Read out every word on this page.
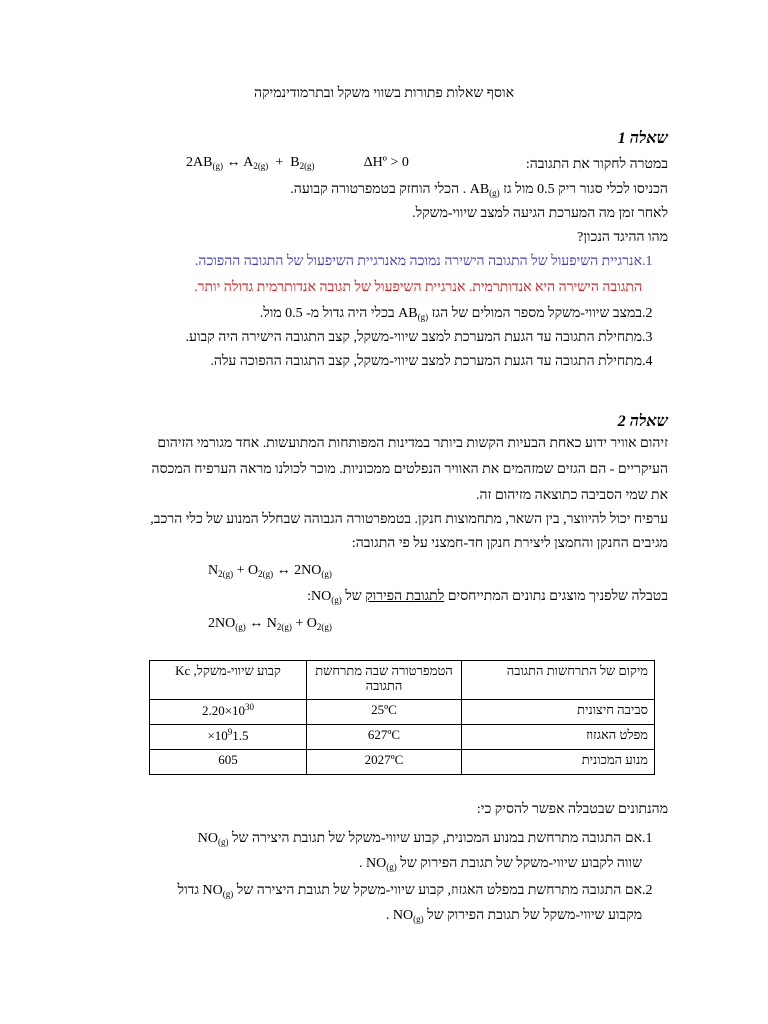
אוסף שאלות פתורות בשווי משקל ובתרמודינמיקה
שאלה 1
במטרה לחקור את התגובה:
$2AB_{(g)}$ ↔ $A_{2(g)} + B_{2(g)}$	ΔHº > 0
הכניסו לכלי סגור ריק 0.5 מול גז $AB_{(g)}$ . הכלי הוחזק בטמפרטורה קבועה.
לאחר זמן מה המערכת הגיעה למצב שיווי-משקל.
מהו ההיגד הנכון?
1.אנרגיית השיפעול של התגובה הישירה נמוכה מאנרגיית השיפעול של התגובה ההפוכה.
התגובה הישירה היא אנדותרמית. אנרגיית השיפעול של תגובה אנדותרמית גדולה יותר.
2.במצב שיווי-משקל מספר המולים של הגז $AB_{(g)}$ בכלי היה גדול מ- 0.5 מול.
3.מתחילת התגובה עד הגעת המערכת למצב שיווי-משקל, קצב התגובה הישירה היה קבוע.
4.מתחילת התגובה עד הגעת המערכת למצב שיווי-משקל, קצב התגובה ההפוכה עלה.
שאלה 2
זיהום אוויר ידוע כאחת הבעיות הקשות ביותר במדינות המפותחות המתועשות. אחד מגורמי הזיהום
העיקריים - הם הגזים שמזהמים את האוויר הנפלטים ממכוניות. מוכר לכולנו מראה הערפיח המכסה
את שמי הסביבה כתוצאה מזיהום זה.
ערפיח יכול להיווצר, בין השאר, מתחמוצות חנקן. בטמפרטורה הגבוהה שבחלל המנוע של כלי הרכב,
מגיבים החנקן והחמצן ליצירת חנקן חד-חמצני על פי התגובה:
$N_{2(g)} + O_{2(g)}$ ↔ $2NO_{(g)}$
בטבלה שלפניך מוצגים נתונים המתייחסים לתגובת הפירוק של $NO_{(g)}$:
$2NO_{(g)}$ ↔ $N_{2(g)} + O_{2(g)}$
מיקום של התרחשות התגובה	הטמפרטורה שבה מתרחשת התגובה	קבוע שיווי-משקל, Kc
סביבה חיצונית	25ºC	$2.20\times 10^{30}$
מפלט האגזוז	627ºC	$\times 10^91.5$
מנוע המכונית	2027ºC	605
מהנתונים שבטבלה אפשר להסיק כי:
1.אם התגובה מתרחשת במנוע המכונית, קבוע שיווי-משקל של תגובת היצירה של $NO_{(g)}$
שווה לקבוע שיווי-משקל של תגובת הפירוק של $NO_{(g)}$ .
2.אם התגובה מתרחשת במפלט האגזוז, קבוע שיווי-משקל של תגובת היצירה של $NO_{(g)}$ גדול
מקבוע שיווי-משקל של תגובת הפירוק של $NO_{(g)}$ .
